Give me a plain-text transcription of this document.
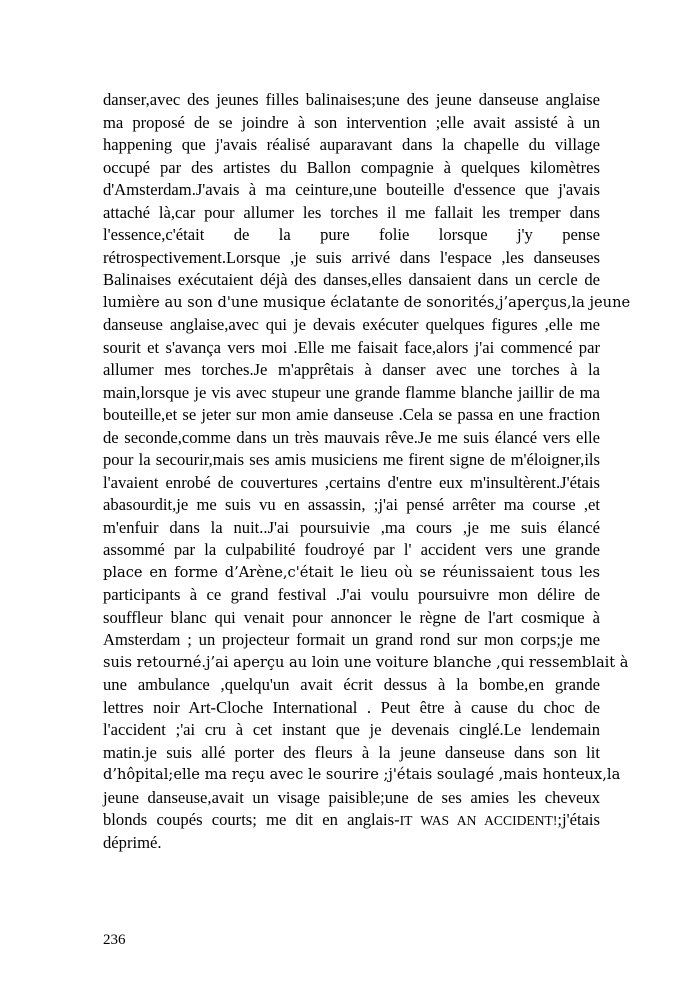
danser,avec des jeunes filles balinaises;une des jeune danseuse anglaise
ma proposé de se joindre à son intervention ;elle avait assisté à un
happening que j'avais réalisé auparavant dans la chapelle du village
occupé par des artistes du Ballon compagnie à quelques kilomètres
d'Amsterdam.J'avais à ma ceinture,une bouteille d'essence que j'avais
attaché là,car pour allumer les torches il me fallait les tremper dans
l'essence,c'était de la pure folie lorsque j'y pense
rétrospectivement.Lorsque ,je suis arrivé dans l'espace ,les danseuses
Balinaises exécutaient déjà des danses,elles dansaient dans un cercle de
lumière au son d'une musique éclatante de sonorités,j’aperçus,la jeune
danseuse anglaise,avec qui je devais exécuter quelques figures ,elle me
sourit et s'avança vers moi .Elle me faisait face,alors j'ai commencé par
allumer mes torches.Je m'apprêtais à danser avec une torches à la
main,lorsque je vis avec stupeur une grande flamme blanche jaillir de ma
bouteille,et se jeter sur mon amie danseuse .Cela se passa en une fraction
de seconde,comme dans un très mauvais rêve.Je me suis élancé vers elle
pour la secourir,mais ses amis musiciens me firent signe de m'éloigner,ils
l'avaient enrobé de couvertures ,certains d'entre eux m'insultèrent.J'étais
abasourdit,je me suis vu en assassin, ;j'ai pensé arrêter ma course ,et
m'enfuir dans la nuit..J'ai poursuivie ,ma cours ,je me suis élancé
assommé par la culpabilité foudroyé par l' accident vers une grande
place en forme d’Arène,c'était le lieu où se réunissaient tous les
participants à ce grand festival .J'ai voulu poursuivre mon délire de
souffleur blanc qui venait pour annoncer le règne de l'art cosmique à
Amsterdam ; un projecteur formait un grand rond sur mon corps;je me
suis retourné.j’ai aperçu au loin une voiture blanche ,qui ressemblait à
une ambulance ,quelqu'un avait écrit dessus à la bombe,en grande
lettres noir Art-Cloche International . Peut être à cause du choc de
l'accident ;'ai cru à cet instant que je devenais cinglé.Le lendemain
matin.je suis allé porter des fleurs à la jeune danseuse dans son lit
d’hôpital;elle ma reçu avec le sourire ;j'étais soulagé ,mais honteux,la
jeune danseuse,avait un visage paisible;une de ses amies les cheveux
blonds coupés courts; me dit en anglais-IT WAS AN ACCIDENT!;j'étais
déprimé.
236
